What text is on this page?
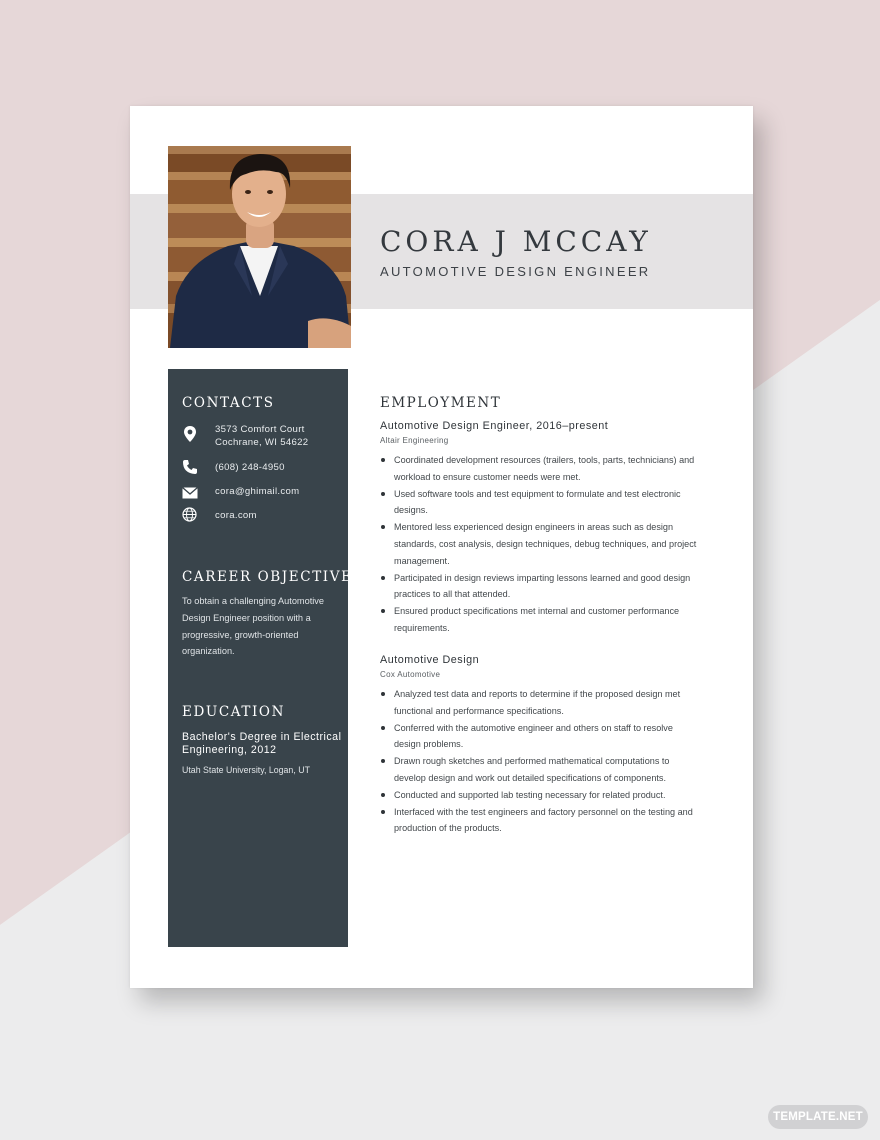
CORA J MCCAY
AUTOMOTIVE DESIGN ENGINEER
CONTACTS
3573 Comfort Court
Cochrane, WI 54622
(608) 248-4950
cora@ghimail.com
cora.com
CAREER OBJECTIVE
To obtain a challenging Automotive Design Engineer position with a progressive, growth-oriented organization.
EDUCATION
Bachelor's Degree in Electrical Engineering, 2012
Utah State University, Logan, UT
EMPLOYMENT
Automotive Design Engineer, 2016–present
Altair Engineering
Coordinated development resources (trailers, tools, parts, technicians) and workload to ensure customer needs were met.
Used software tools and test equipment to formulate and test electronic designs.
Mentored less experienced design engineers in areas such as design standards, cost analysis, design techniques, debug techniques, and project management.
Participated in design reviews imparting lessons learned and good design practices to all that attended.
Ensured product specifications met internal and customer performance requirements.
Automotive Design
Cox Automotive
Analyzed test data and reports to determine if the proposed design met functional and performance specifications.
Conferred with the automotive engineer and others on staff to resolve design problems.
Drawn rough sketches and performed mathematical computations to develop design and work out detailed specifications of components.
Conducted and supported lab testing necessary for related product.
Interfaced with the test engineers and factory personnel on the testing and production of the products.
TEMPLATE.NET
